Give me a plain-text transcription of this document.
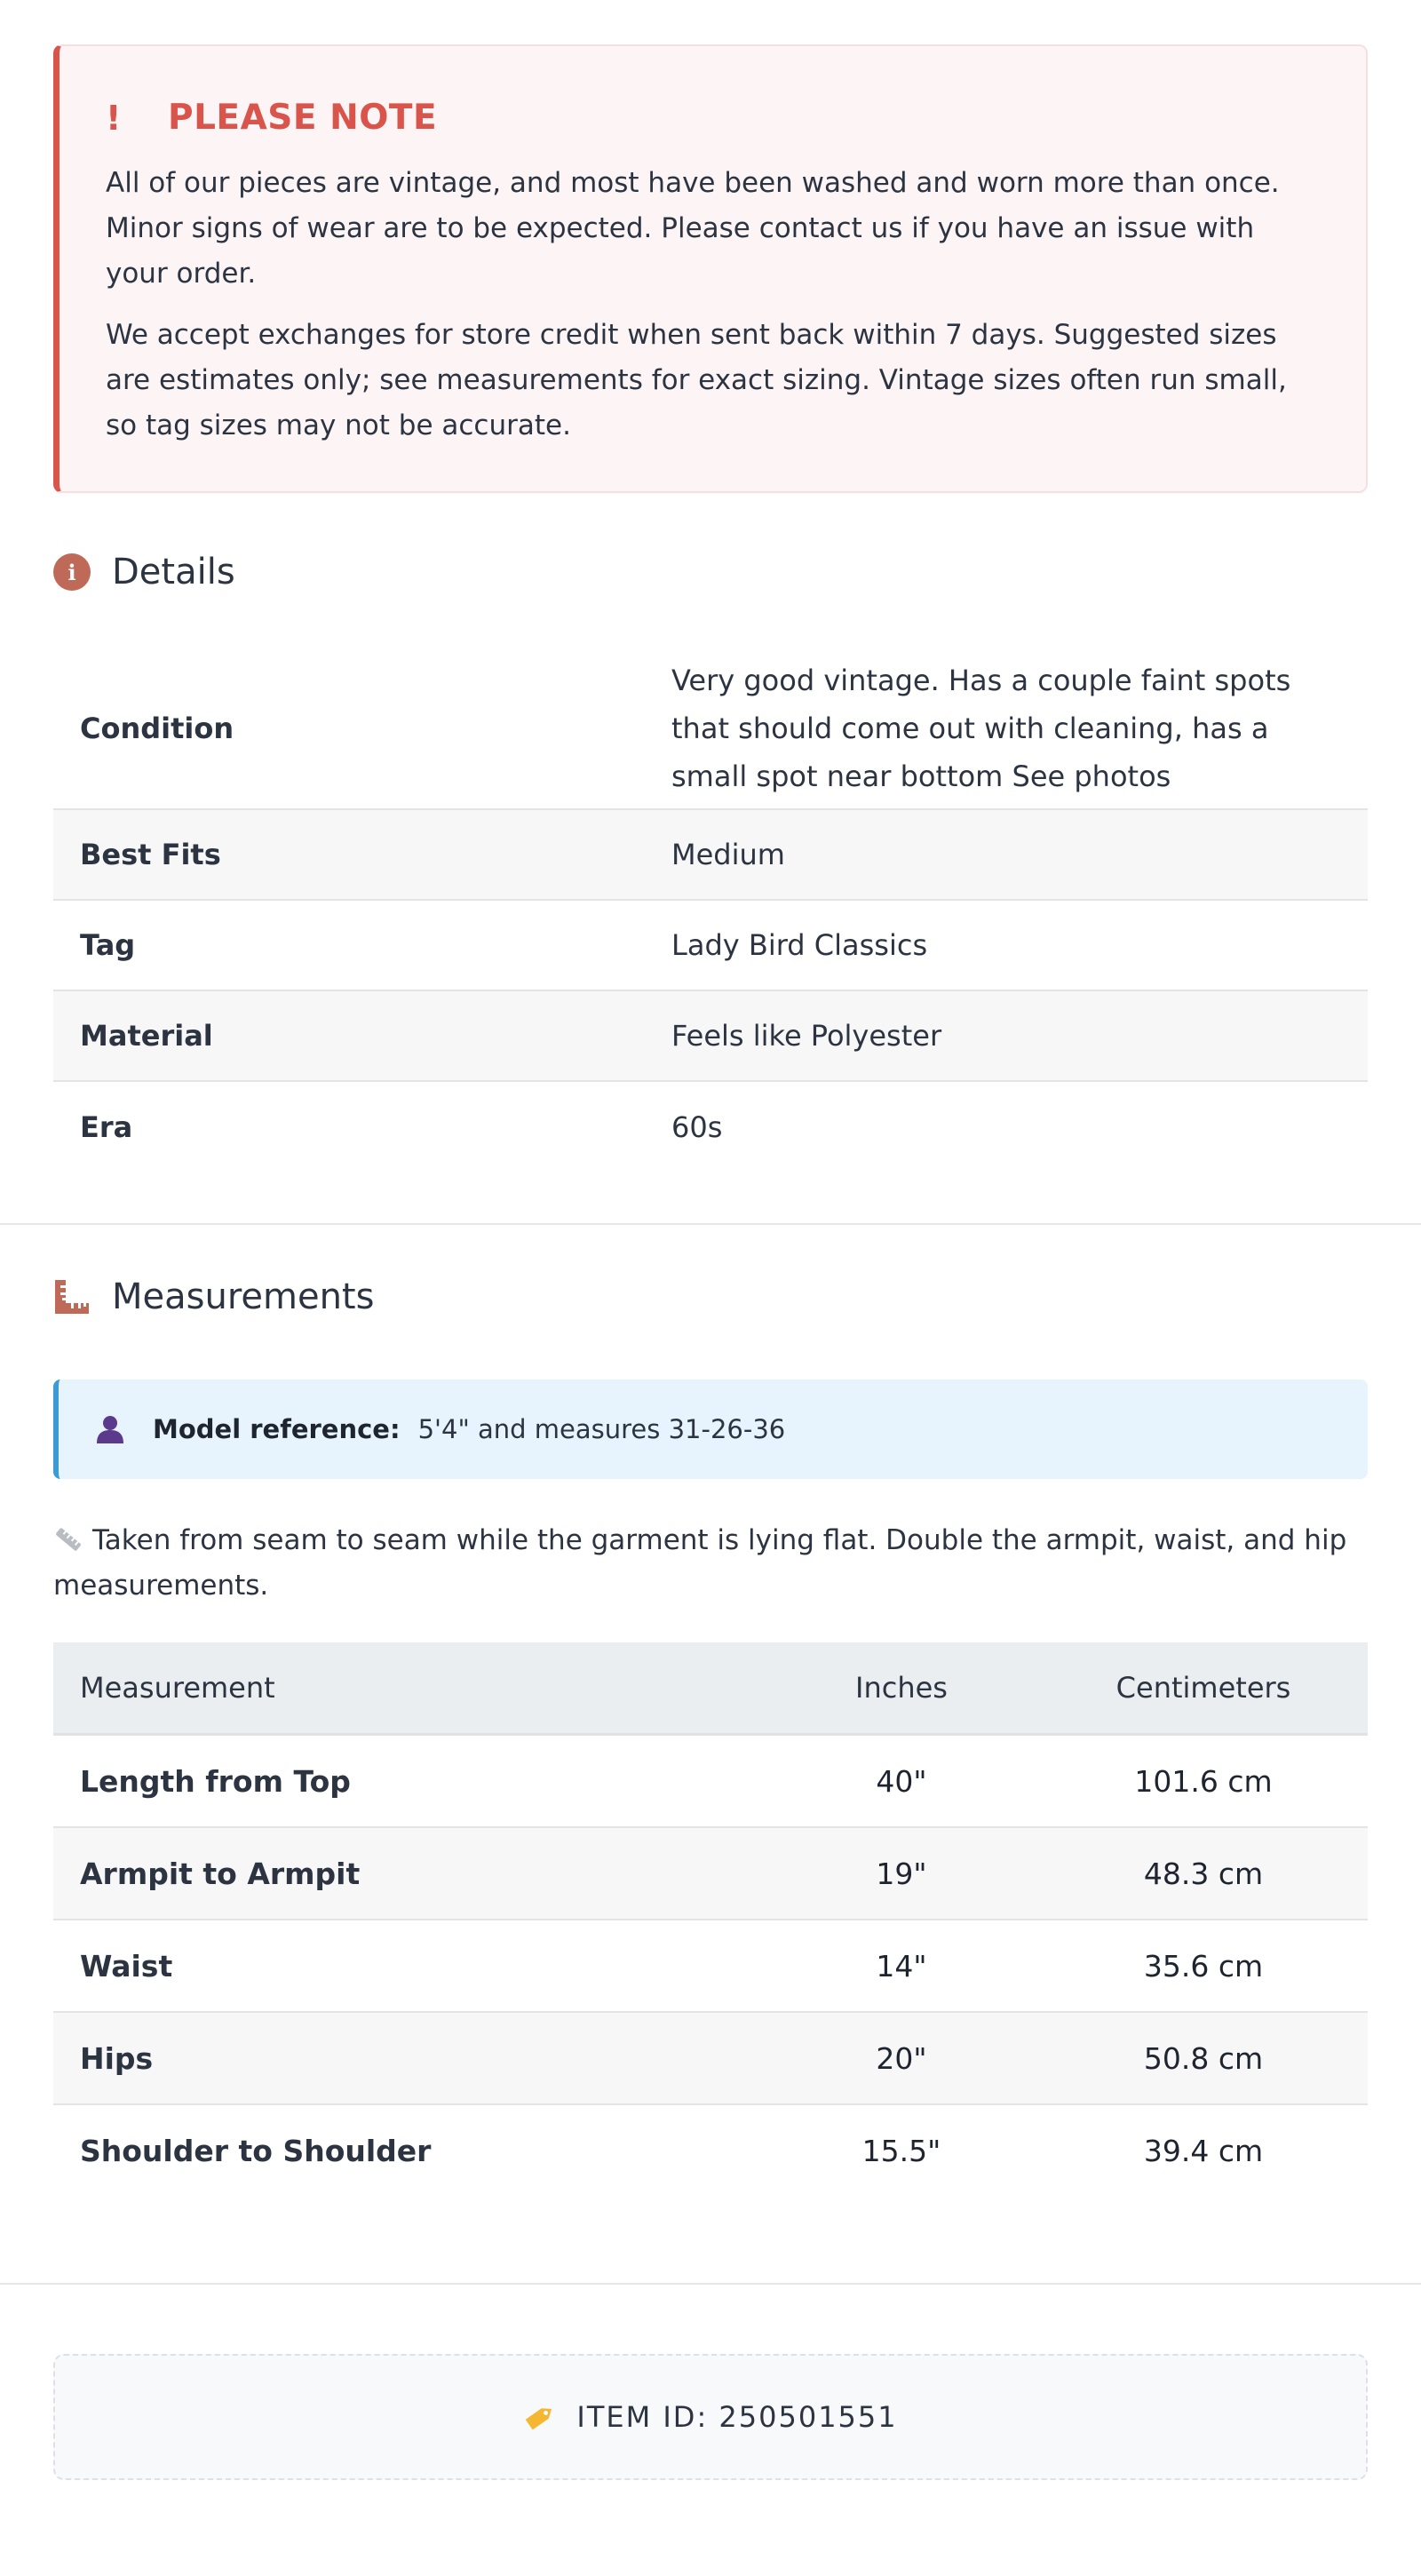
!	PLEASE NOTE

All of our pieces are vintage, and most have been washed and worn more than once. Minor signs of wear are to be expected. Please contact us if you have an issue with your order.

We accept exchanges for store credit when sent back within 7 days. Suggested sizes are estimates only; see measurements for exact sizing. Vintage sizes often run small, so tag sizes may not be accurate.

i	Details
Condition	Very good vintage. Has a couple faint spots that should come out with cleaning, has a small spot near bottom See photos
Best Fits	Medium
Tag	Lady Bird Classics
Material	Feels like Polyester
Era	60s
Measurements
Model reference: 5'4" and measures 31-26-36
Taken from seam to seam while the garment is lying flat. Double the armpit, waist, and hip measurements.
Measurement	Inches	Centimeters
Length from Top	40"	101.6 cm
Armpit to Armpit	19"	48.3 cm
Waist	14"	35.6 cm
Hips	20"	50.8 cm
Shoulder to Shoulder	15.5"	39.4 cm
ITEM ID: 250501551
